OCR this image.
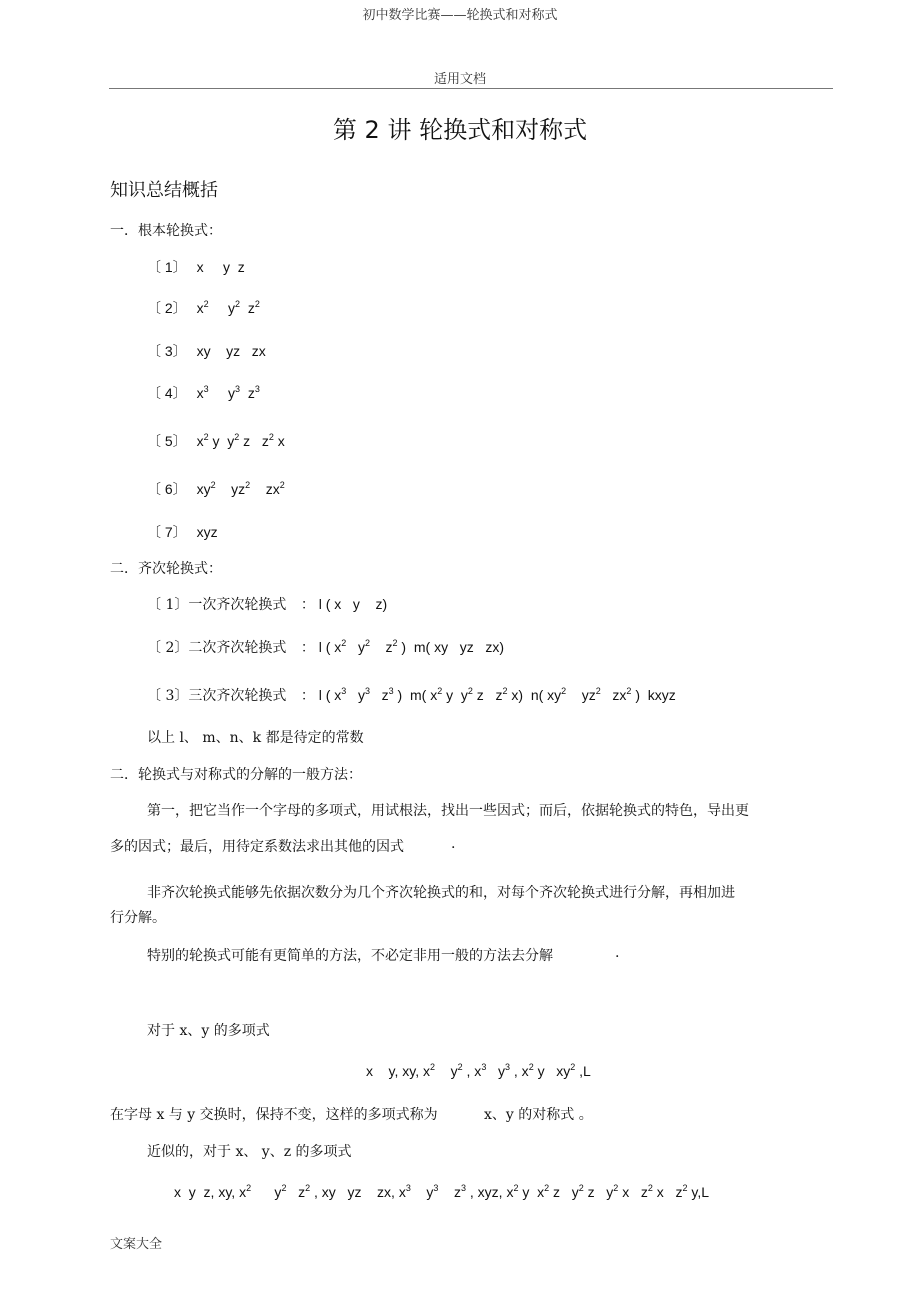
初中数学比赛——轮换式和对称式
适用文档
第 2 讲 轮换式和对称式
知识总结概括
一．根本轮换式：
〔 1〕 x     y  z
〔 2〕 $x^2$     $y^2$  $z^2$
〔 3〕 xy    yz   zx
〔 4〕 $x^3$     $y^3$  $z^3$
〔 5〕 $x^2$ y  $y^2$ z   $z^2$ x
〔 6〕 $xy^2$    $yz^2$    $zx^2$
〔 7〕 xyz
二．齐次轮换式：
〔 1〕一次齐次轮换式 ： l ( x   y    z)
〔 2〕二次齐次轮换式 ： l ( $x^2$   $y^2$    $z^2$ )  m( xy   yz   zx)
〔 3〕三次齐次轮换式 ： l ( $x^3$   $y^3$   $z^3$ )  m( $x^2$ y  $y^2$ z   $z^2$ x)  n( $xy^2$    $yz^2$   $zx^2$ )  kxyz
以上 l、 m、n、k 都是待定的常数
二．轮换式与对称式的分解的一般方法：
第一，把它当作一个字母的多项式，用试根法，找出一些因式；而后，依据轮换式的特色，导出更
多的因式；最后，用待定系数法求出其他的因式	.
非齐次轮换式能够先依据次数分为几个齐次轮换式的和，对每个齐次轮换式进行分解，再相加进
行分解。
特别的轮换式可能有更简单的方法，不必定非用一般的方法去分解	.
对于 x、y 的多项式
x    y, xy, $x^2$    $y^2$ , $x^3$   $y^3$ , $x^2$ y   $xy^2$ ,L
在字母 x 与 y 交换时，保持不变，这样的多项式称为	x、y 的对称式 。
近似的，对于 x、 y、z 的多项式
x  y  z, xy, $x^2$      $y^2$   $z^2$ , xy   yz    zx, $x^3$    $y^3$    $z^3$ , xyz, $x^2$ y  $x^2$ z   $y^2$ z   $y^2$ x   $z^2$ x   $z^2$ y,L
文案大全
